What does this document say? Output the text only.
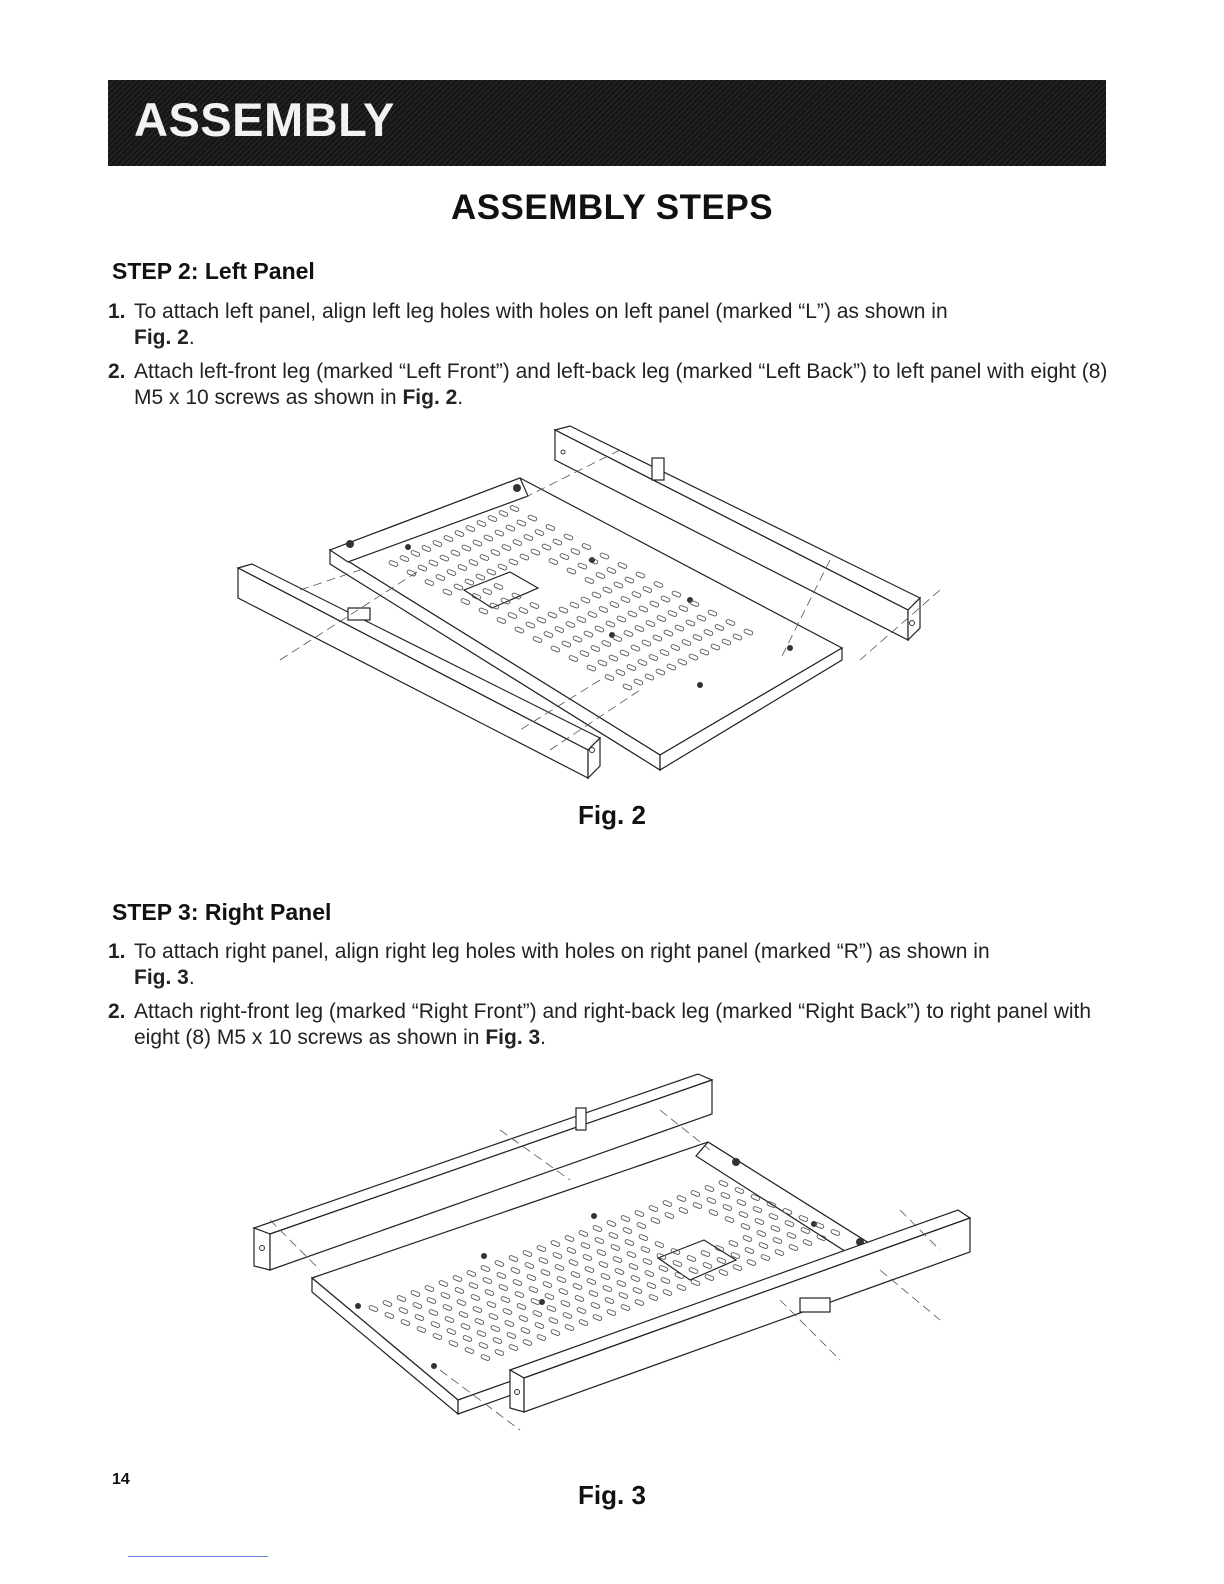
ASSEMBLY
ASSEMBLY STEPS
STEP 2: Left Panel
1. To attach left panel, align left leg holes with holes on left panel (marked “L”) as shown in
Fig. 2.
2. Attach left-front leg (marked “Left Front”) and left-back leg (marked “Left Back”) to left panel with eight (8) M5 x 10 screws as shown in Fig. 2.
Fig. 2
STEP 3: Right Panel
1. To attach right panel, align right leg holes with holes on right panel (marked “R”) as shown in
Fig. 3.
2. Attach right-front leg (marked “Right Front”) and right-back leg (marked “Right Back”) to right panel with eight (8) M5 x 10 screws as shown in Fig. 3.
Fig. 3
14
